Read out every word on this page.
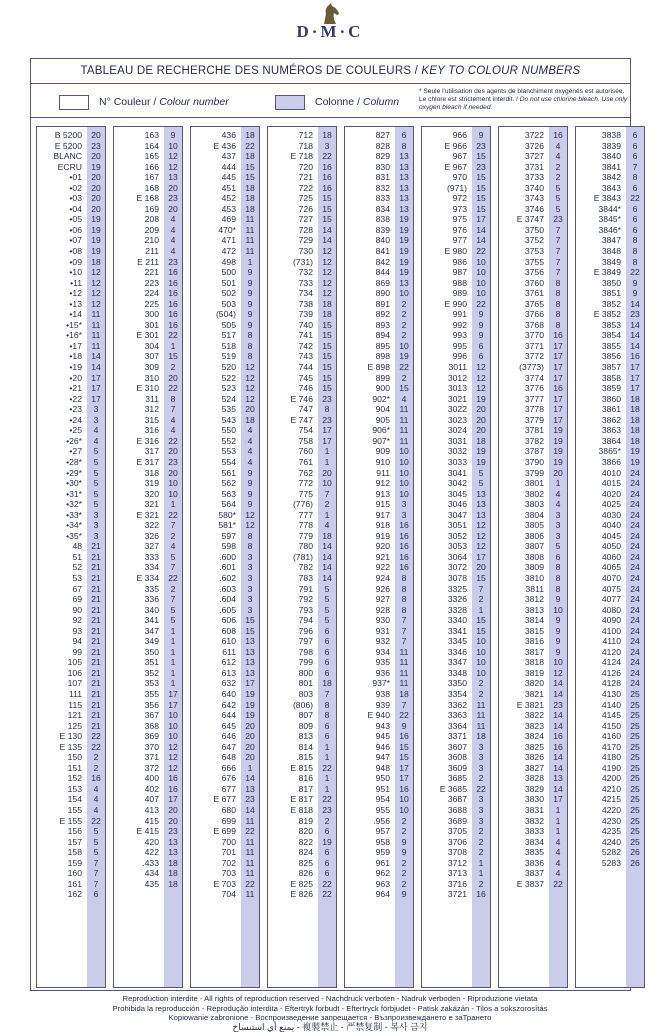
D·M·C
TABLEAU DE RECHERCHE DES NUMÉROS DE COULEURS / KEY TO COLOUR NUMBERS
N° Couleur / Colour number	Colonne / Column
* Seule l'utilisation des agents de blanchiment oxygénés est autorisée. Le chlore est strictement interdit. / Do not use chlorine bleach. Use only oxygen bleach if needed.
B 5200	20
E 5200	23
BLANC	20
ECRU	19
•01	20
•02	20
•03	20
•04	20
•05	19
•06	19
•07	19
•08	19
•09	18
•10	12
•11	12
•12	12
•13	12
•14	11
•15*	11
•16*	11
•17	11
•18	14
•19	14
•20	17
•21	17
•22	17
•23	3
•24	3
•25	4
•26*	4
•27	5
•28*	5
•29*	5
•30*	5
•31*	5
•32*	5
•33*	3
•34*	3
•35*	3
48	21
51	21
52	21
53	21
67	21
69	21
90	21
92	21
93	21
94	21
99	21
105	21
106	21
107	21
111	21
115	21
121	21
125	21
E 130	22
E 135	22
150	2
151	2
152	16
153	4
154	4
155	4
E 155	22
156	5
157	5
158	5
159	7
160	7
161	7
162	6
163	9
164	10
165	12
166	12
167	13
168	20
E 168	23
169	20
208	4
209	4
210	4
211	4
E 211	23
221	16
223	16
224	16
225	16
300	16
301	16
E 301	22
304	1
307	15
309	2
310	20
E 310	22
311	8
312	7
315	4
316	4
E 316	22
317	20
E 317	23
318	20
319	10
320	10
321	1
E 321	22
322	7
326	2
327	4
333	5
334	7
E 334	22
335	2
336	7
340	5
341	5
347	1
349	1
350	1
351	1
352	1
353	1
355	17
356	17
367	10
368	10
369	10
370	12
371	12
372	12
400	16
402	16
407	17
413	20
415	20
E 415	23
420	13
422	13
.433	18
434	18
435	18
436	18
E 436	22
437	18
444	15
445	15
451	18
452	18
453	18
469	11
470*	11
471	11
472	11
498	1
500	9
501	9
502	9
503	9
(504)	9
505	9
517	8
518	8
519	8
520	12
522	12
523	12
524	12
535	20
543	18
550	4
552	4
553	4
554	4
561	9
562	9
563	9
564	9
580*	12
581*	12
597	8
598	8
.600	3
.601	3
.602	3
.603	3
.604	3
.605	3
606	15
608	15
610	13
611	13
612	13
613	13
632	17
640	19
642	19
644	19
645	20
646	20
647	20
648	20
666	1
676	14
677	13
E 677	23
680	14
699	11
E 699	22
700	11
701	11
702	11
703	11
E 703	22
704	11
712	18
718	3
E 718	22
720	16
721	16
722	16
725	15
726	15
727	15
728	14
729	14
730	12
(731)	12
732	12
733	12
734	12
738	18
739	18
740	15
741	15
742	15
743	15
744	15
745	15
746	15
E 746	23
747	8
E 747	23
754	17
758	17
760	1
761	1
762	20
772	10
775	7
(776)	2
777	1
778	4
779	18
780	14
(781)	14
782	14
783	14
791	5
792	5
793	5
794	5
796	6
797	6
798	6
799	6
800	6
801	18
803	7
(806)	8
807	8
809	6
813	6
814	1
.815	1
E 815	22
816	1
817	1
E 817	22
E 818	23
819	2
820	6
822	19
824	6
825	6
826	6
E 825	22
E 826	22
827	6
828	8
829	13
830	13
831	13
832	13
833	13
834	13
838	19
839	19
840	19
841	19
842	19
844	19
869	13
890	10
891	2
892	2
893	2
894	2
895	10
898	19
E 898	22
899	2
900	15
902*	4
904	11
905	11
906*	11
907*	11
909	10
910	10
911	10
912	10
913	10
915	3
917	3
918	16
919	16
920	16
921	16
922	16
924	8
926	8
927	8
928	8
930	7
931	7
932	7
934	11
935	11
936	11
937*	11
938	18
939	7
E 940	22
943	9
945	16
946	15
947	15
948	17
950	17
951	16
954	10
955	10
.956	2
957	2
958	9
959	9
961	2
962	2
963	2
964	9
966	9
E 966	23
967	15
E 967	23
970	15
(971)	15
972	15
973	15
975	17
976	14
977	14
E 980	22
986	10
987	10
988	10
989	10
E 990	22
991	9
992	9
993	9
995	6
996	6
3011	12
3012	12
3013	12
3021	19
3022	20
3023	20
3024	20
3031	18
3032	19
3033	19
3041	5
3042	5
3045	13
3046	13
3047	13
3051	12
3052	12
3053	12
3064	17
3072	20
3078	15
3325	7
3326	2
3328	1
3340	15
3341	15
3345	10
3346	10
3347	10
3348	10
3350	2
3354	2
3362	11
3363	11
3364	11
3371	18
3607	3
3608	3
3609	3
3685	2
E 3685	22
3687	3
3688	3
3689	3
3705	2
3706	2
3708	2
3712	1
3713	1
3716	2
3721	16
3722	16
3726	4
3727	4
3731	2
3733	2
3740	5
3743	5
3746	5
E 3747	23
3750	7
3752	7
3753	7
3755	7
3756	7
3760	8
3761	8
3765	8
3766	8
3768	8
3770	16
3771	17
3772	17
(3773)	17
3774	17
3776	16
3777	17
3778	17
3779	17
3781	19
3782	19
3787	19
3790	19
3799	20
3801	1
3802	4
3803	4
3804	3
3805	3
3806	3
3807	5
3808	6
3809	8
3810	8
3811	8
3812	9
3813	10
3814	9
3815	9
3816	9
3817	9
3818	10
3819	12
3820	14
3821	14
E 3821	23
3822	14
3823	14
3824	16
3825	16
3826	14
3827	14
3828	13
3829	14
3830	17
3831	1
3832	1
3833	1
3834	4
3835	4
3836	4
3837	4
E 3837	22
3838	6
3839	6
3840	6
3841	7
3842	8
3843	6
E 3843	22
3844*	6
3845*	6
3846*	6
3847	8
3848	8
3849	8
E 3849	22
3850	9
3851	9
3852	14
E 3852	23
3853	14
3854	14
3855	14
3856	16
3857	17
3858	17
3859	17
3860	18
3861	18
3862	18
3863	18
3864	18
3865*	19
3866	19
4010	24
4015	24
4020	24
4025	24
4030	24
4040	24
4045	24
4050	24
4060	24
4065	24
4070	24
4075	24
4077	24
4080	24
4090	24
4100	24
4110	24
4120	24
4124	24
4126	24
4128	24
4130	25
4140	25
4145	25
4150	25
4160	25
4170	25
4180	25
4190	25
4200	25
4210	25
4215	25
4220	25
4230	25
4235	25
4240	25
5282	26
5283	26
Reproduction interdite - All rights of reproduction reserved - Nachdruck verboten - Nadruk verboden - Riproduzione vietata
Prohibida la reproducción - Reprodução interdita - Eftertryk forbudt - Eftertryck förbjudet - Patisk zakázán - Tilos a sokszorosítás
Kopiowanie zabronione - Воспроизведение запрещается - Възпроизвеждането е заТрането
يمنع أي استنساخ - 複製禁止 - 严禁复制 - 복사 금지
